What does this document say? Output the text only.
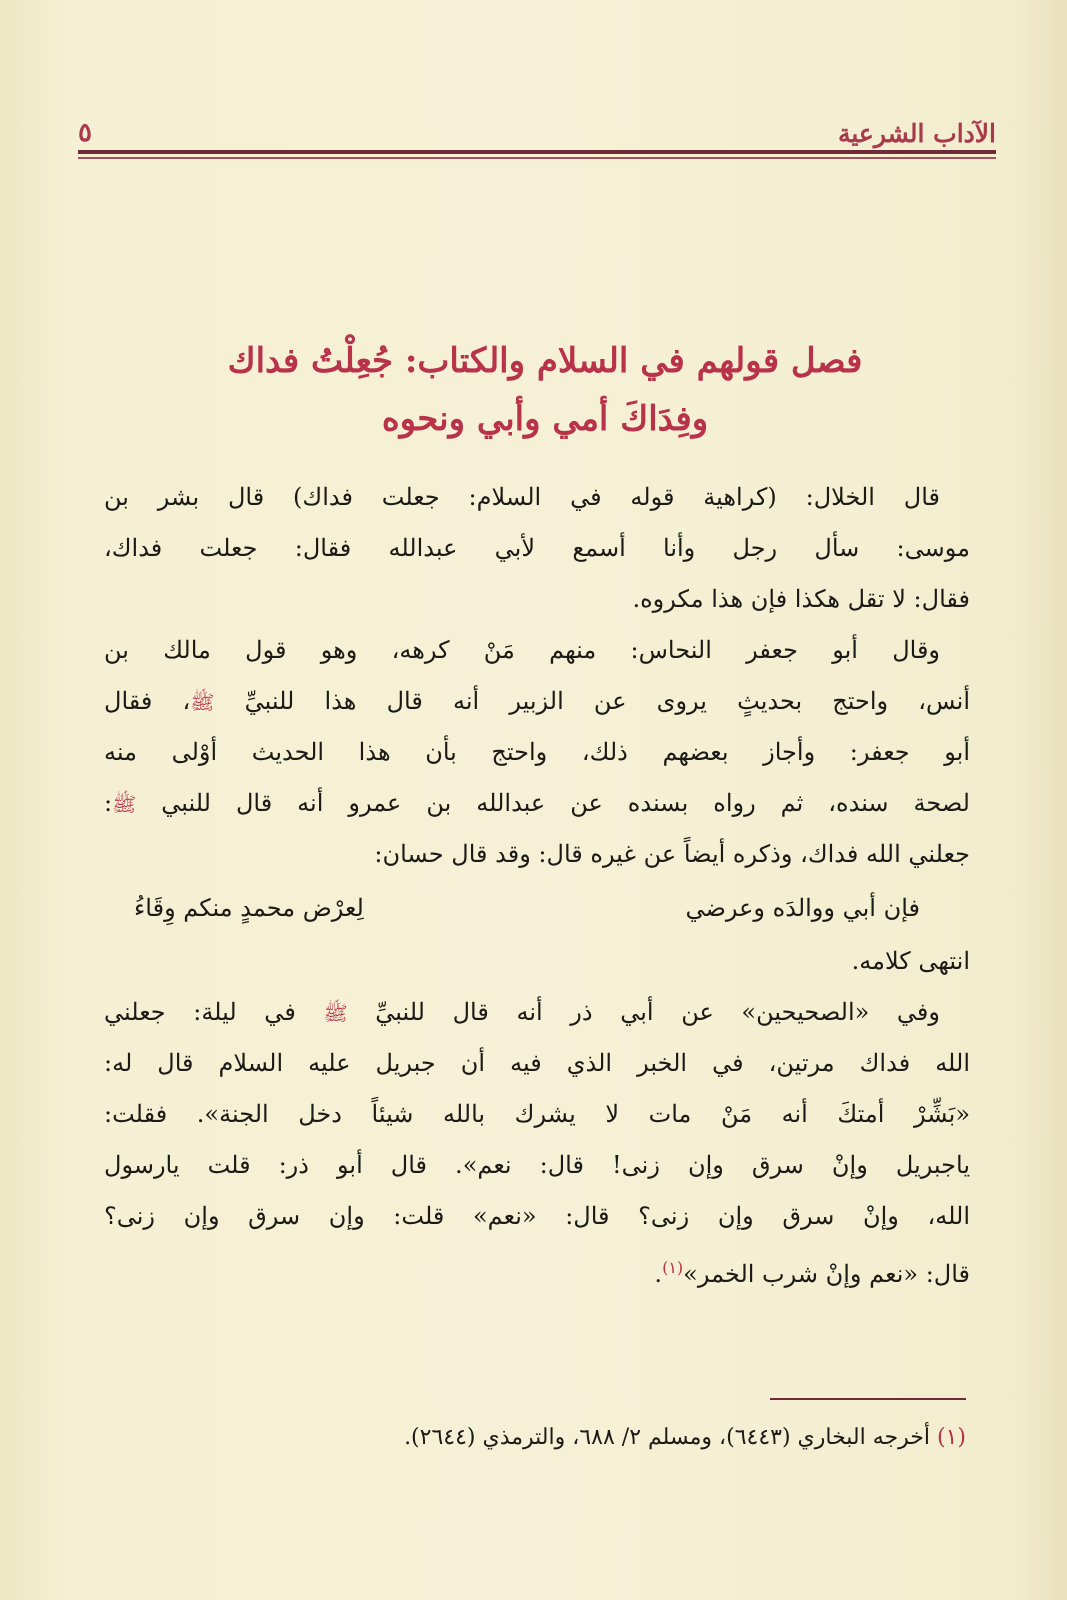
الآداب الشرعية
٥
فصل قولهم في السلام والكتاب: جُعِلْتُ فداك
وفِدَاكَ أمي وأبي ونحوه
قال الخلال: (كراهية قوله في السلام: جعلت فداك) قال بشر بن
موسى: سأل رجل وأنا أسمع لأبي عبدالله فقال: جعلت فداك،
فقال: لا تقل هكذا فإن هذا مكروه.
وقال أبو جعفر النحاس: منهم مَنْ كرهه، وهو قول مالك بن
أنس، واحتج بحديثٍ يروى عن الزبير أنه قال هذا للنبيِّ ﷺ، فقال
أبو جعفر: وأجاز بعضهم ذلك، واحتج بأن هذا الحديث أوْلى منه
لصحة سنده، ثم رواه بسنده عن عبدالله بن عمرو أنه قال للنبي ﷺ:
جعلني الله فداك، وذكره أيضاً عن غيره قال: وقد قال حسان:
فإن أبي ووالدَه وعرضي
لِعرْض محمدٍ منكم وِقَاءُ
انتهى كلامه.
وفي «الصحيحين» عن أبي ذر أنه قال للنبيِّ ﷺ في ليلة: جعلني
الله فداك مرتين، في الخبر الذي فيه أن جبريل عليه السلام قال له:
«بَشِّرْ أمتكَ أنه مَنْ مات لا يشرك بالله شيئاً دخل الجنة». فقلت:
ياجبريل وإنْ سرق وإن زنى! قال: نعم». قال أبو ذر: قلت يارسول
الله، وإنْ سرق وإن زنى؟ قال: «نعم» قلت: وإن سرق وإن زنى؟
قال: «نعم وإنْ شرب الخمر»$^{(١)}$.
(١) أخرجه البخاري (٦٤٤٣)، ومسلم ٢/ ٦٨٨، والترمذي (٢٦٤٤).
